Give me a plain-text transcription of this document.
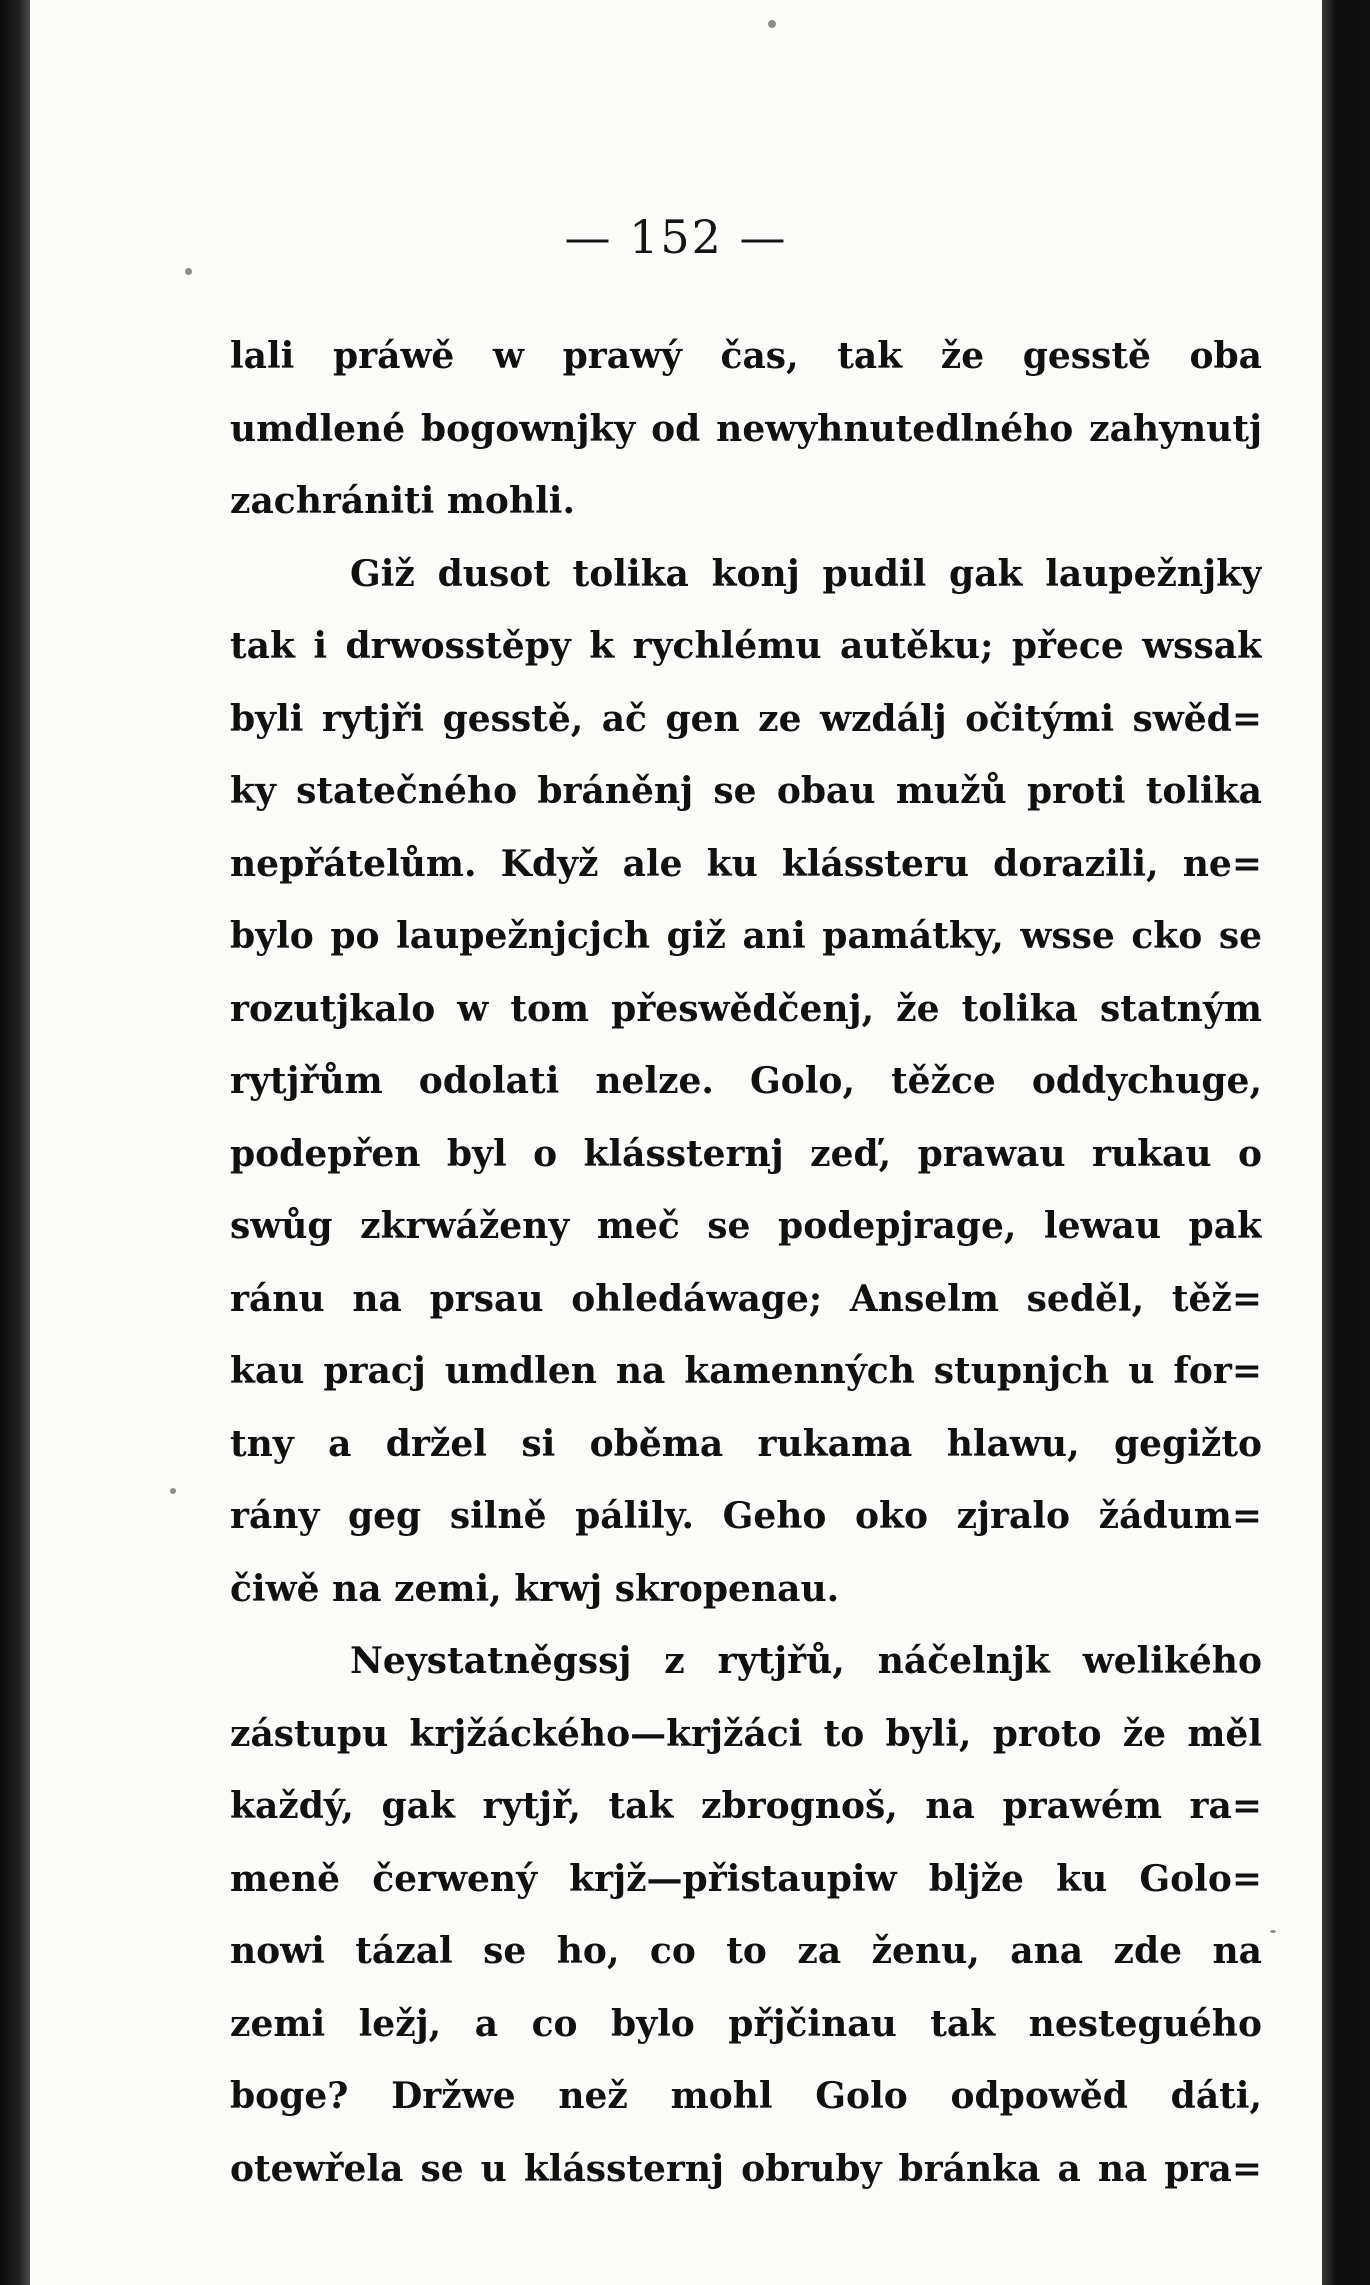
— 152 —
lali práwě w prawý čas, tak že gesstě oba
umdlené bogownjky od newyhnutedlného zahynutj
zachrániti mohli.
Giž dusot tolika konj pudil gak laupežnjky
tak i drwosstěpy k rychlému autěku; přece wssak
byli rytjři gesstě, ač gen ze wzdálj očitými swěd=
ky statečného bráněnj se obau mužů proti tolika
nepřátelům. Když ale ku klássteru dorazili, ne=
bylo po laupežnjcjch giž ani památky, wsse cko se
rozutjkalo w tom přeswědčenj, že tolika statným
rytjřům odolati nelze. Golo, těžce oddychuge,
podepřen byl o klássternj zeď, prawau rukau o
swůg zkrwáženy meč se podepjrage, lewau pak
ránu na prsau ohledáwage; Anselm seděl, těž=
kau pracj umdlen na kamenných stupnjch u for=
tny a držel si oběma rukama hlawu, gegižto
rány geg silně pálily. Geho oko zjralo žádum=
čiwě na zemi, krwj skropenau.
Neystatněgssj z rytjřů, náčelnjk welikého
zástupu krjžáckého—krjžáci to byli, proto že měl
každý, gak rytjř, tak zbrognoš, na prawém ra=
meně čerwený krjž—přistaupiw bljže ku Golo=
nowi tázal se ho, co to za ženu, ana zde na
zemi ležj, a co bylo přjčinau tak nesteguého
boge? Držwe než mohl Golo odpowěd dáti,
otewřela se u klássternj obruby bránka a na pra=
